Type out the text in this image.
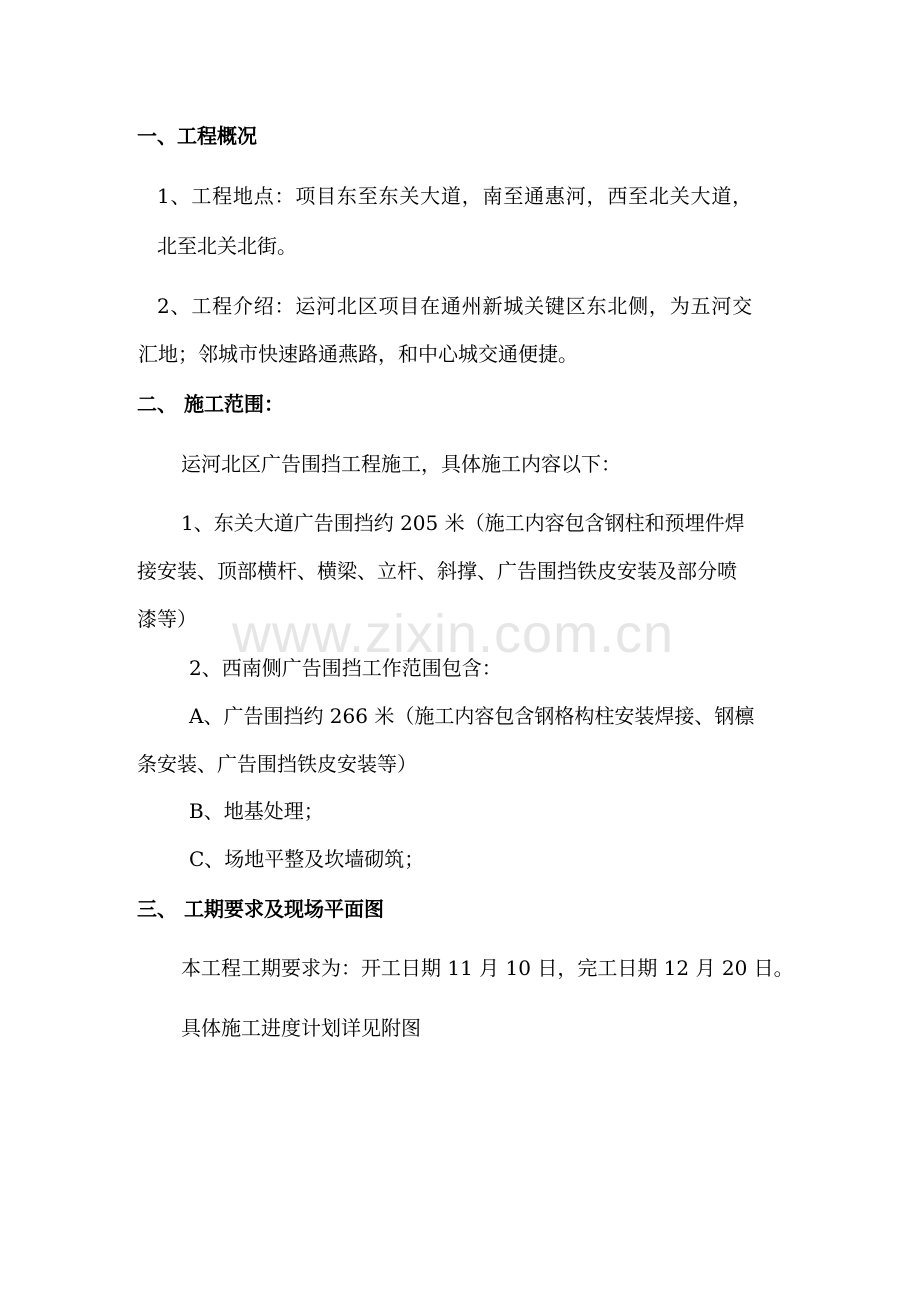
www.zixin.com.cn

一、工程概况

1、工程地点：项目东至东关大道，南至通惠河，西至北关大道，

北至北关北街。

2、工程介绍：运河北区项目在通州新城关键区东北侧，为五河交

汇地；邻城市快速路通燕路，和中心城交通便捷。

二、 施工范围：

运河北区广告围挡工程施工，具体施工内容以下：

1、东关大道广告围挡约 205 米（施工内容包含钢柱和预埋件焊

接安装、顶部横杆、横梁、立杆、斜撑、广告围挡铁皮安装及部分喷

漆等）

2、西南侧广告围挡工作范围包含：

A、广告围挡约 266 米（施工内容包含钢格构柱安装焊接、钢檩

条安装、广告围挡铁皮安装等）

B、地基处理；

C、场地平整及坎墙砌筑；

三、 工期要求及现场平面图

本工程工期要求为：开工日期 11 月 10 日，完工日期 12 月 20 日。

具体施工进度计划详见附图
